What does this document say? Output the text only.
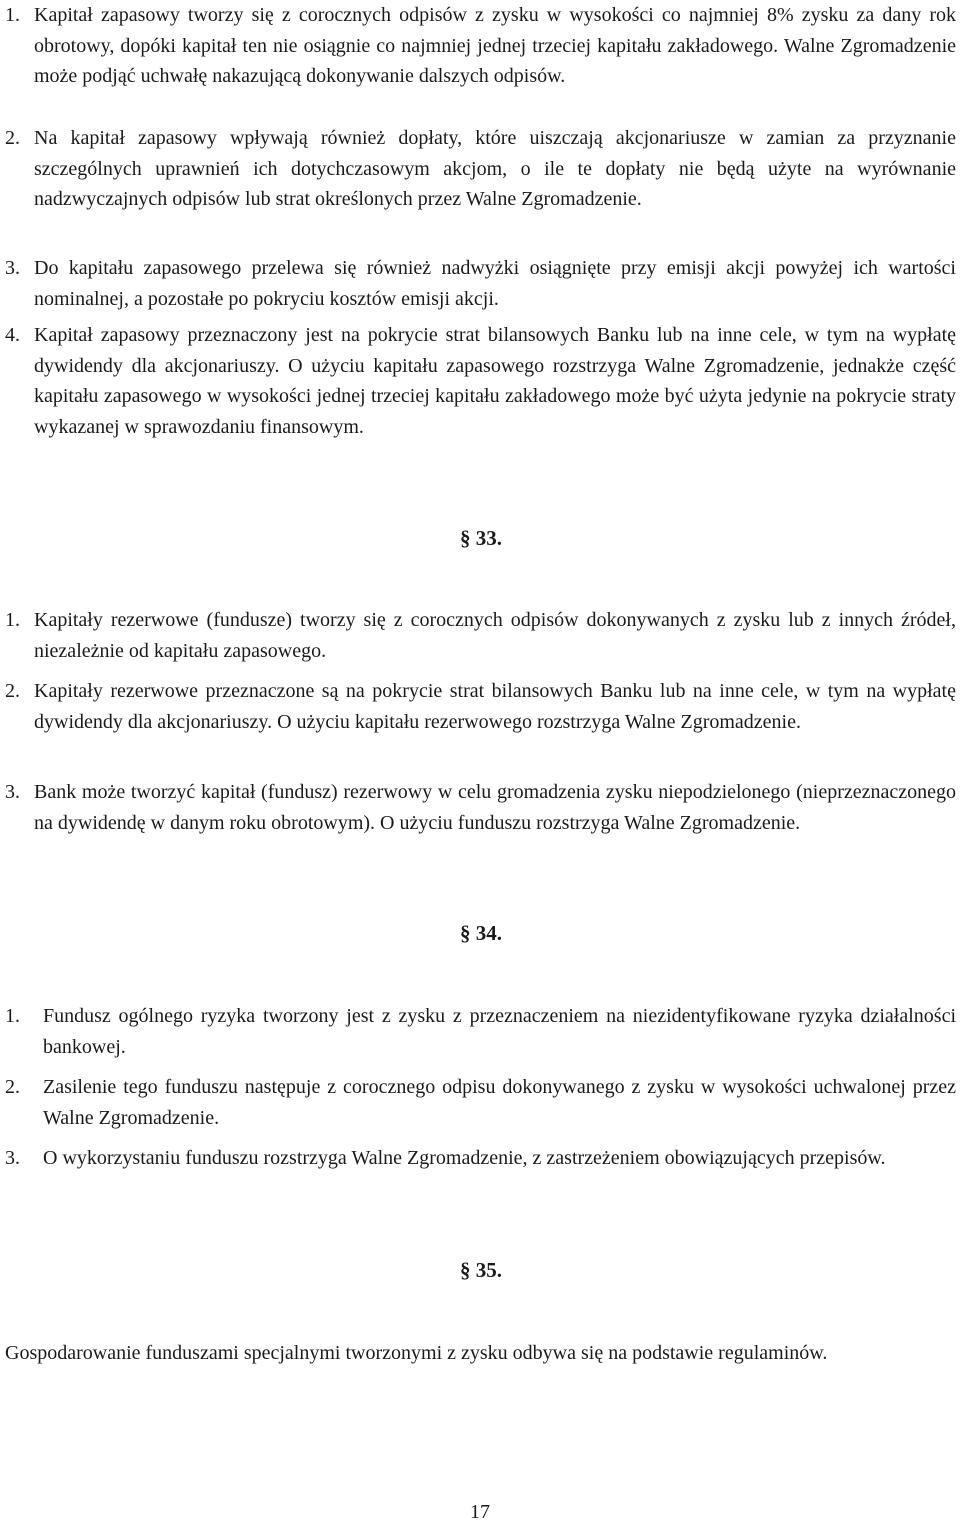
1. Kapitał zapasowy tworzy się z corocznych odpisów z zysku w wysokości co najmniej 8% zysku za dany rok obrotowy, dopóki kapitał ten nie osiągnie co najmniej jednej trzeciej kapitału zakładowego. Walne Zgromadzenie może podjąć uchwałę nakazującą dokonywanie dalszych odpisów.

2. Na kapitał zapasowy wpływają również dopłaty, które uiszczają akcjonariusze w zamian za przyznanie szczególnych uprawnień ich dotychczasowym akcjom, o ile te dopłaty nie będą użyte na wyrównanie nadzwyczajnych odpisów lub strat określonych przez Walne Zgromadzenie.

3. Do kapitału zapasowego przelewa się również nadwyżki osiągnięte przy emisji akcji powyżej ich wartości nominalnej, a pozostałe po pokryciu kosztów emisji akcji.

4. Kapitał zapasowy przeznaczony jest na pokrycie strat bilansowych Banku lub na inne cele, w tym na wypłatę dywidendy dla akcjonariuszy. O użyciu kapitału zapasowego rozstrzyga Walne Zgromadzenie, jednakże część kapitału zapasowego w wysokości jednej trzeciej kapitału zakładowego może być użyta jedynie na pokrycie straty wykazanej w sprawozdaniu finansowym.

§ 33.

1. Kapitały rezerwowe (fundusze) tworzy się z corocznych odpisów dokonywanych z zysku lub z innych źródeł, niezależnie od kapitału zapasowego.

2. Kapitały rezerwowe przeznaczone są na pokrycie strat bilansowych Banku lub na inne cele, w tym na wypłatę dywidendy dla akcjonariuszy. O użyciu kapitału rezerwowego rozstrzyga Walne Zgromadzenie.

3. Bank może tworzyć kapitał (fundusz) rezerwowy w celu gromadzenia zysku niepodzielonego (nieprzeznaczonego na dywidendę w danym roku obrotowym). O użyciu funduszu rozstrzyga Walne Zgromadzenie.

§ 34.

1. Fundusz ogólnego ryzyka tworzony jest z zysku z przeznaczeniem na niezidentyfikowane ryzyka działalności bankowej.

2. Zasilenie tego funduszu następuje z corocznego odpisu dokonywanego z zysku w wysokości uchwalonej przez Walne Zgromadzenie.

3. O wykorzystaniu funduszu rozstrzyga Walne Zgromadzenie, z zastrzeżeniem obowiązujących przepisów.

§ 35.

Gospodarowanie funduszami specjalnymi tworzonymi z zysku odbywa się na podstawie regulaminów.

17
